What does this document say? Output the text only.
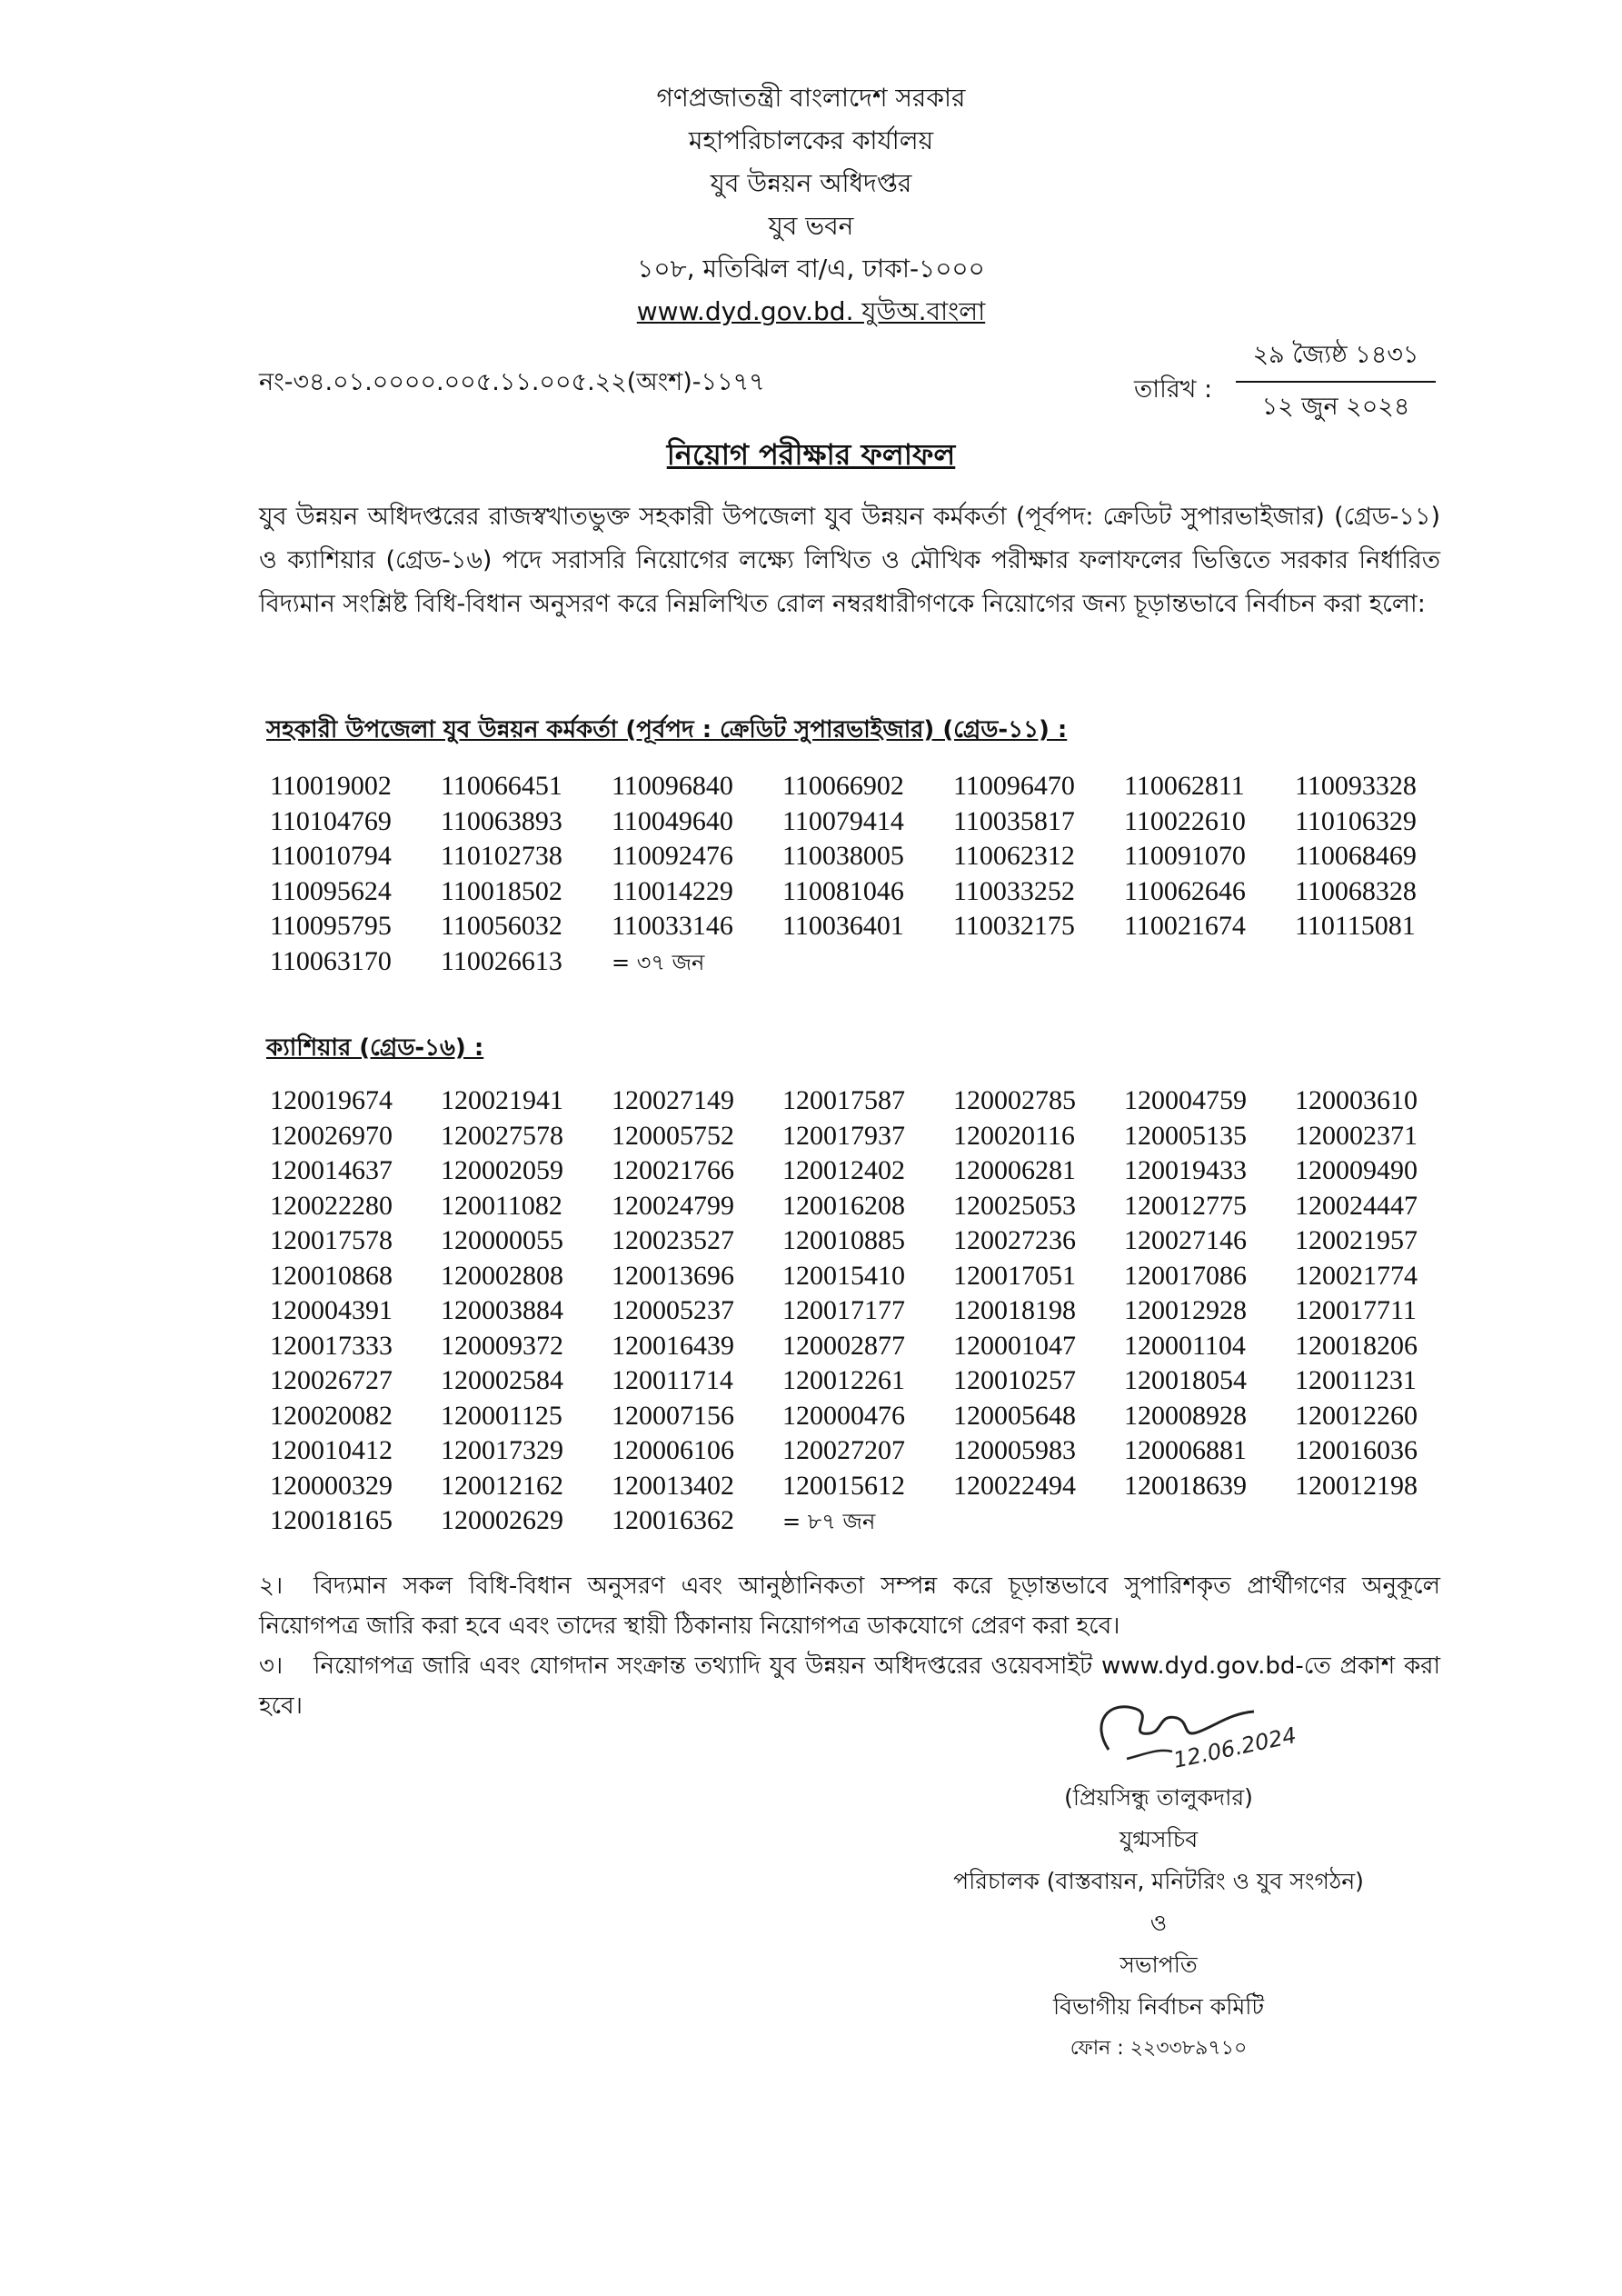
গণপ্রজাতন্ত্রী বাংলাদেশ সরকার
মহাপরিচালকের কার্যালয়
যুব উন্নয়ন অধিদপ্তর
যুব ভবন
১০৮, মতিঝিল বা/এ, ঢাকা-১০০০
www.dyd.gov.bd. যুউঅ.বাংলা
নং-৩৪.০১.০০০০.০০৫.১১.০০৫.২২(অংশ)-১১৭৭	তারিখ :
২৯ জ্যৈষ্ঠ ১৪৩১
১২ জুন ২০২৪
নিয়োগ পরীক্ষার ফলাফল
যুব উন্নয়ন অধিদপ্তরের রাজস্বখাতভুক্ত সহকারী উপজেলা যুব উন্নয়ন কর্মকর্তা (পূর্বপদ: ক্রেডিট সুপারভাইজার) (গ্রেড-১১) ও ক্যাশিয়ার (গ্রেড-১৬) পদে সরাসরি নিয়োগের লক্ষ্যে লিখিত ও মৌখিক পরীক্ষার ফলাফলের ভিত্তিতে সরকার নির্ধারিত বিদ্যমান সংশ্লিষ্ট বিধি-বিধান অনুসরণ করে নিম্নলিখিত রোল নম্বরধারীগণকে নিয়োগের জন্য চূড়ান্তভাবে নির্বাচন করা হলো:
সহকারী উপজেলা যুব উন্নয়ন কর্মকর্তা (পূর্বপদ : ক্রেডিট সুপারভাইজার) (গ্রেড-১১) :
110019002 110066451 110096840 110066902 110096470 110062811 110093328
110104769 110063893 110049640 110079414 110035817 110022610 110106329
110010794 110102738 110092476 110038005 110062312 110091070 110068469
110095624 110018502 110014229 110081046 110033252 110062646 110068328
110095795 110056032 110033146 110036401 110032175 110021674 110115081
110063170 110026613 = ৩৭ জন
ক্যাশিয়ার (গ্রেড-১৬) :
120019674 120021941 120027149 120017587 120002785 120004759 120003610
120026970 120027578 120005752 120017937 120020116 120005135 120002371
120014637 120002059 120021766 120012402 120006281 120019433 120009490
120022280 120011082 120024799 120016208 120025053 120012775 120024447
120017578 120000055 120023527 120010885 120027236 120027146 120021957
120010868 120002808 120013696 120015410 120017051 120017086 120021774
120004391 120003884 120005237 120017177 120018198 120012928 120017711
120017333 120009372 120016439 120002877 120001047 120001104 120018206
120026727 120002584 120011714 120012261 120010257 120018054 120011231
120020082 120001125 120007156 120000476 120005648 120008928 120012260
120010412 120017329 120006106 120027207 120005983 120006881 120016036
120000329 120012162 120013402 120015612 120022494 120018639 120012198
120018165 120002629 120016362 = ৮৭ জন
২। বিদ্যমান সকল বিধি-বিধান অনুসরণ এবং আনুষ্ঠানিকতা সম্পন্ন করে চূড়ান্তভাবে সুপারিশকৃত প্রার্থীগণের অনুকূলে নিয়োগপত্র জারি করা হবে এবং তাদের স্থায়ী ঠিকানায় নিয়োগপত্র ডাকযোগে প্রেরণ করা হবে।
৩। নিয়োগপত্র জারি এবং যোগদান সংক্রান্ত তথ্যাদি যুব উন্নয়ন অধিদপ্তরের ওয়েবসাইট www.dyd.gov.bd-তে প্রকাশ করা হবে।
12.06.2024
(প্রিয়সিন্ধু তালুকদার)
যুগ্মসচিব
পরিচালক (বাস্তবায়ন, মনিটরিং ও যুব সংগঠন)
ও
সভাপতি
বিভাগীয় নির্বাচন কমিটি
ফোন : ২২৩৩৮৯৭১০
